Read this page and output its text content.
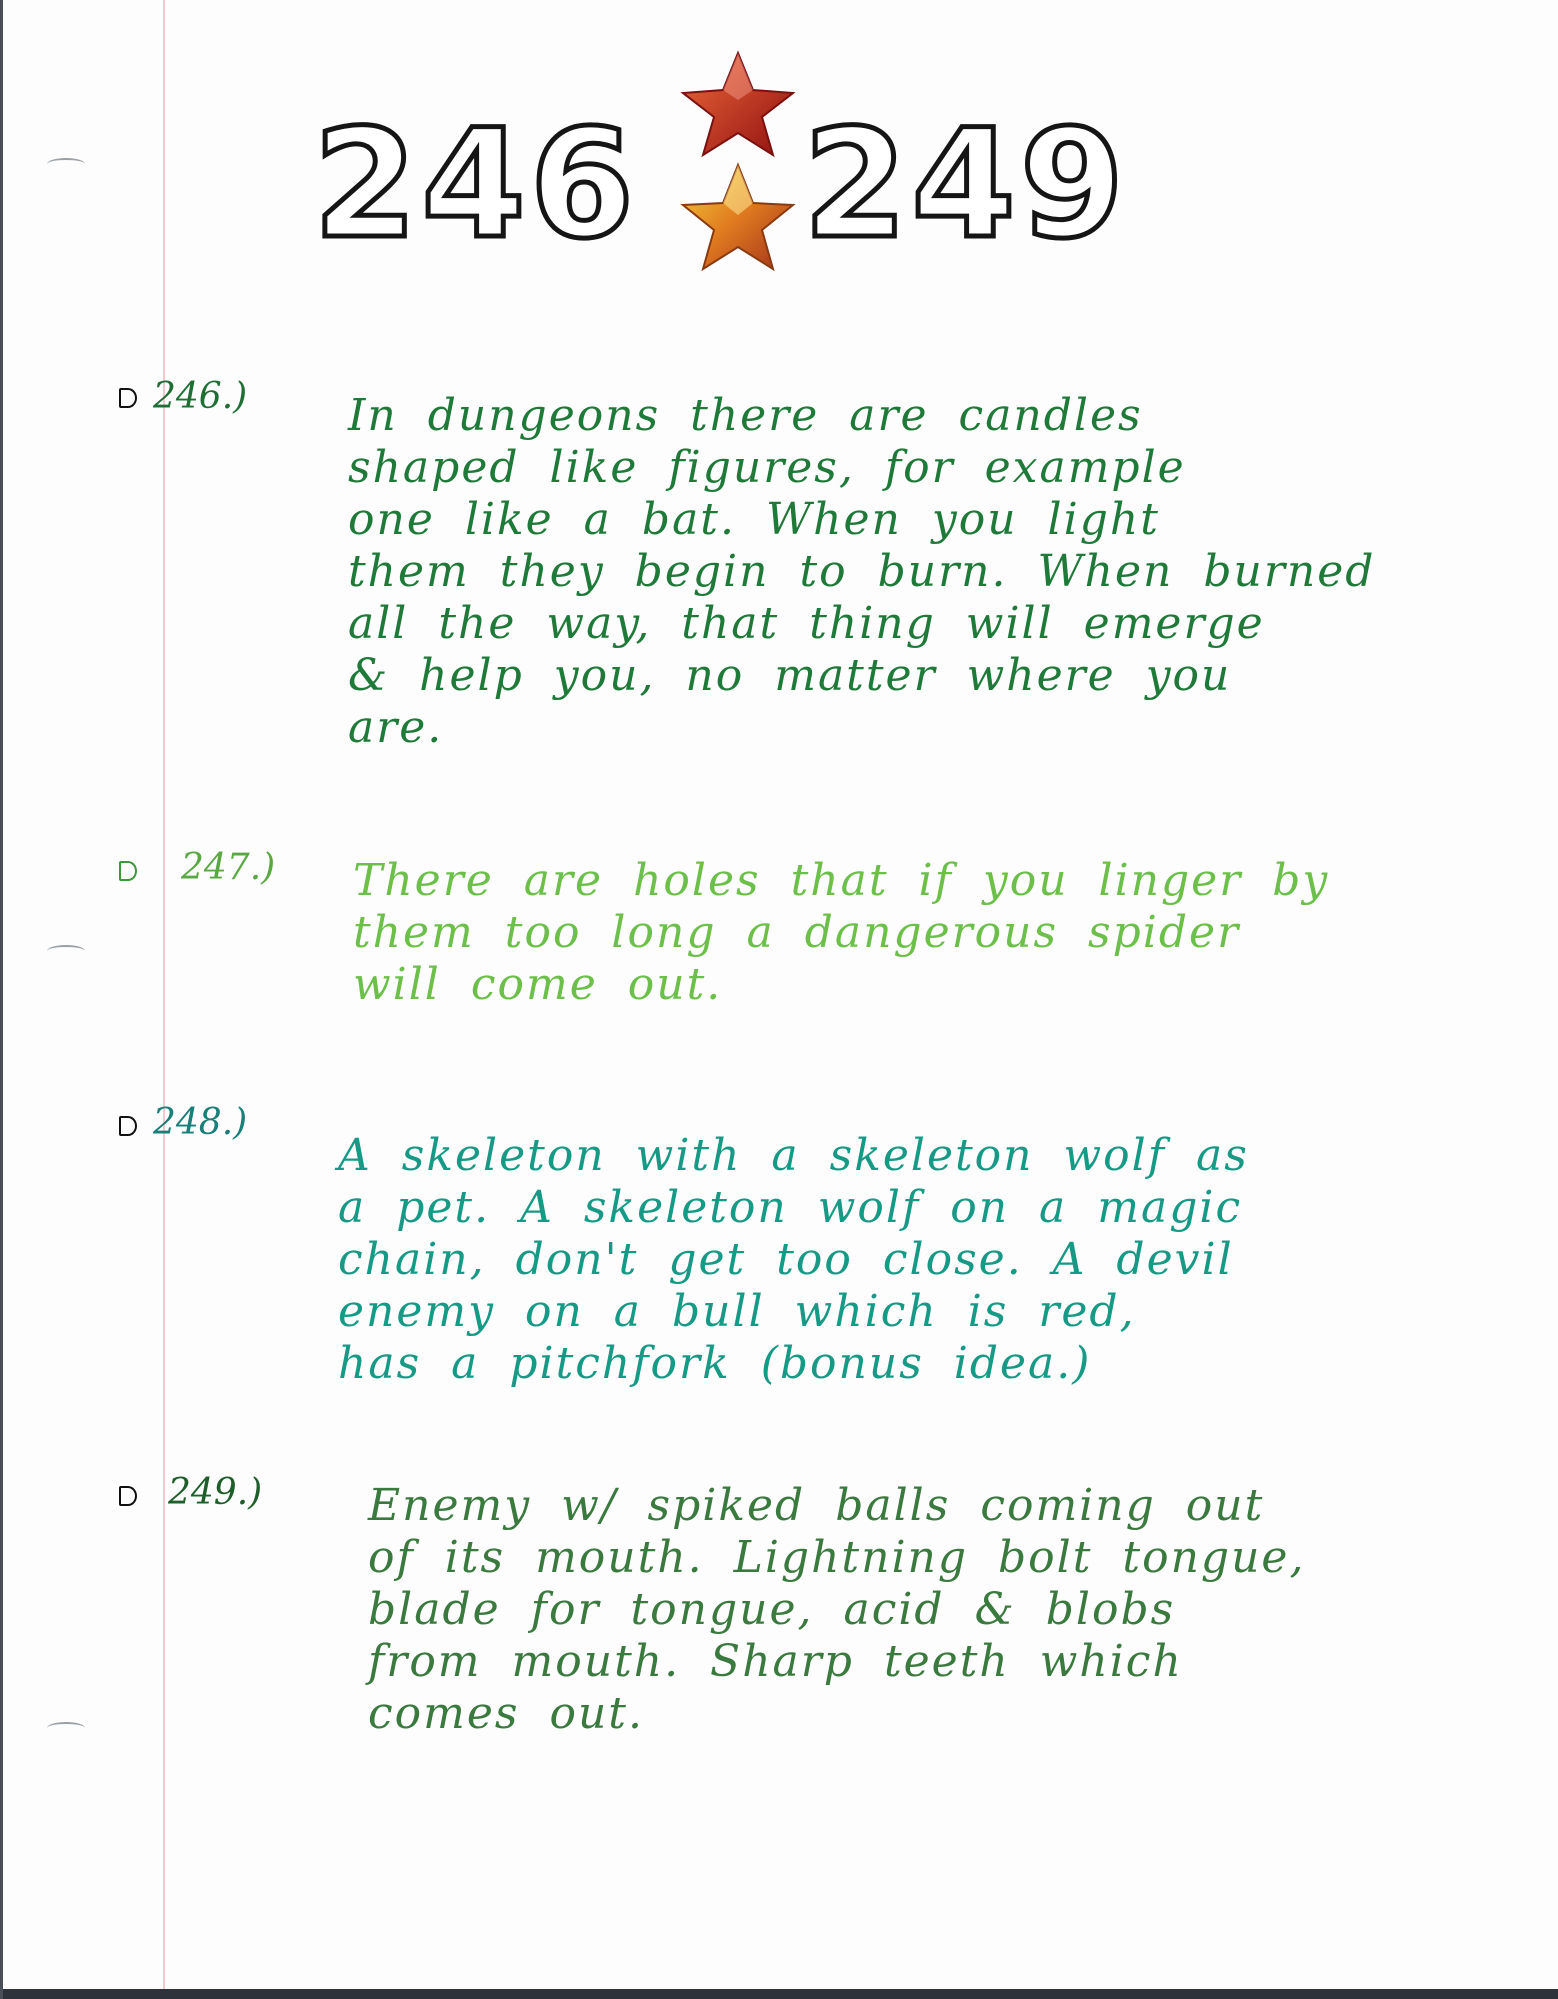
246 249
246.) In dungeons there are candles
shaped like figures, for example
one like a bat. When you light
them they begin to burn. When burned
all the way, that thing will emerge
& help you, no matter where you
are.
247.) There are holes that if you linger by
them too long a dangerous spider
will come out.
248.)
A skeleton with a skeleton wolf as
a pet. A skeleton wolf on a magic
chain, don't get too close. A devil
enemy on a bull which is red,
has a pitchfork (bonus idea.)
249.) Enemy w/ spiked balls coming out
of its mouth. Lightning bolt tongue,
blade for tongue, acid & blobs
from mouth. Sharp teeth which
comes out.
